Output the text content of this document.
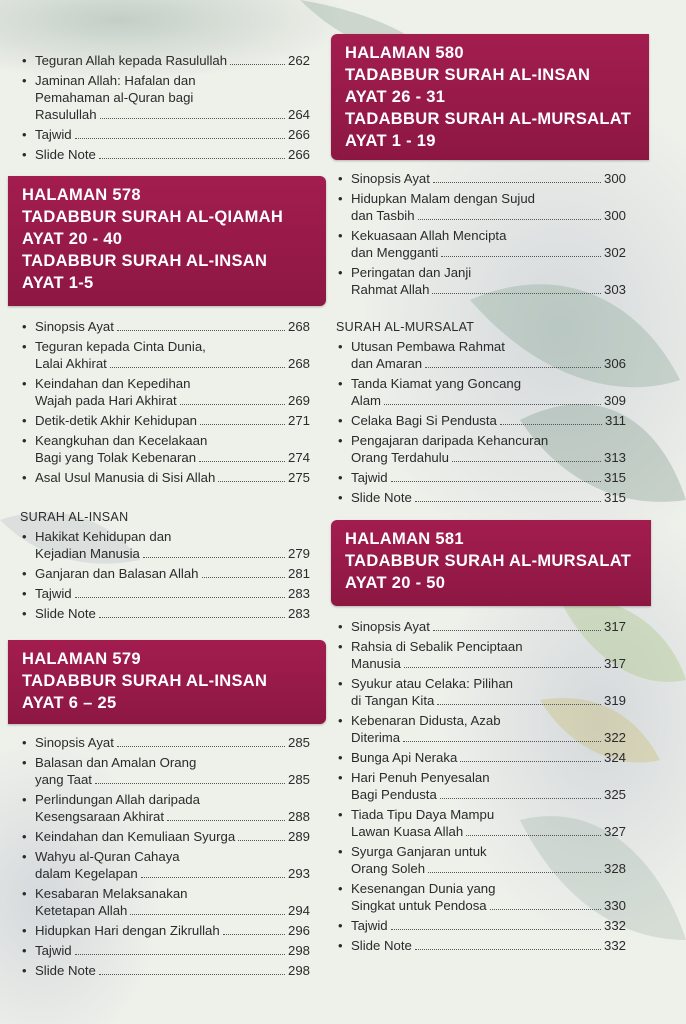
• Teguran Allah kepada Rasulullah	262
• Jaminan Allah: Hafalan dan
Pemahaman al-Quran bagi
Rasulullah	264
• Tajwid	266
• Slide Note	266
HALAMAN 578
TADABBUR SURAH AL-QIAMAH
AYAT 20 - 40
TADABBUR SURAH AL-INSAN
AYAT 1-5
• Sinopsis Ayat	268
• Teguran kepada Cinta Dunia,
Lalai Akhirat	268
• Keindahan dan Kepedihan
Wajah pada Hari Akhirat	269
• Detik-detik Akhir Kehidupan	271
• Keangkuhan dan Kecelakaan
Bagi yang Tolak Kebenaran	274
• Asal Usul Manusia di Sisi Allah	275
SURAH AL-INSAN
• Hakikat Kehidupan dan
Kejadian Manusia	279
• Ganjaran dan Balasan Allah	281
• Tajwid	283
• Slide Note	283
HALAMAN 579
TADABBUR SURAH AL-INSAN
AYAT 6 – 25
• Sinopsis Ayat	285
• Balasan dan Amalan Orang
yang Taat	285
• Perlindungan Allah daripada
Kesengsaraan Akhirat	288
• Keindahan dan Kemuliaan Syurga	289
• Wahyu al-Quran Cahaya
dalam Kegelapan	293
• Kesabaran Melaksanakan
Ketetapan Allah	294
• Hidupkan Hari dengan Zikrullah	296
• Tajwid	298
• Slide Note	298
HALAMAN 580
TADABBUR SURAH AL-INSAN
AYAT 26 - 31
TADABBUR SURAH AL-MURSALAT
AYAT 1 - 19
• Sinopsis Ayat	300
• Hidupkan Malam dengan Sujud
dan Tasbih	300
• Kekuasaan Allah Mencipta
dan Mengganti	302
• Peringatan dan Janji
Rahmat Allah	303
SURAH AL-MURSALAT
• Utusan Pembawa Rahmat
dan Amaran	306
• Tanda Kiamat yang Goncang
Alam	309
• Celaka Bagi Si Pendusta	311
• Pengajaran daripada Kehancuran
Orang Terdahulu	313
• Tajwid	315
• Slide Note	315
HALAMAN 581
TADABBUR SURAH AL-MURSALAT
AYAT 20 - 50
• Sinopsis Ayat	317
• Rahsia di Sebalik Penciptaan
Manusia	317
• Syukur atau Celaka: Pilihan
di Tangan Kita	319
• Kebenaran Didusta, Azab
Diterima	322
• Bunga Api Neraka	324
• Hari Penuh Penyesalan
Bagi Pendusta	325
• Tiada Tipu Daya Mampu
Lawan Kuasa Allah	327
• Syurga Ganjaran untuk
Orang Soleh	328
• Kesenangan Dunia yang
Singkat untuk Pendosa	330
• Tajwid	332
• Slide Note	332
